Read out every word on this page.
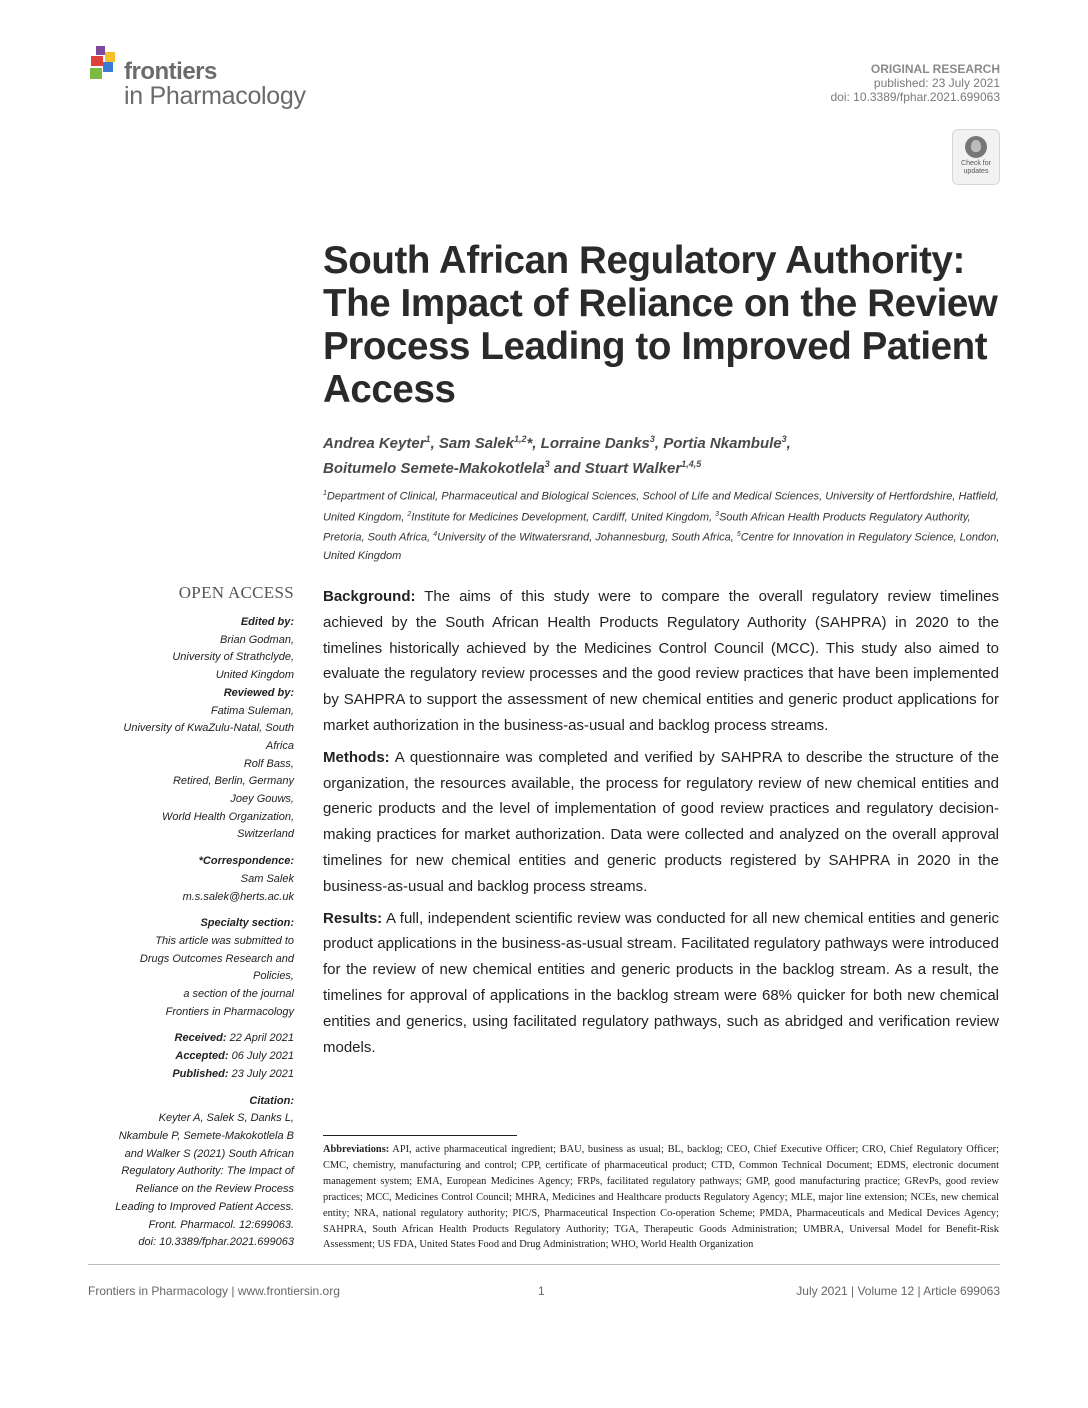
frontiers
in Pharmacology
ORIGINAL RESEARCH
published: 23 July 2021
doi: 10.3389/fphar.2021.699063
Check for updates
South African Regulatory Authority: The Impact of Reliance on the Review Process Leading to Improved Patient Access
Andrea Keyter$^1$, Sam Salek$^{1,2}$*, Lorraine Danks$^3$, Portia Nkambule$^3$,
Boitumelo Semete-Makokotlela$^3$ and Stuart Walker$^{1,4,5}$
$^1$Department of Clinical, Pharmaceutical and Biological Sciences, School of Life and Medical Sciences, University of Hertfordshire, Hatfield, United Kingdom, $^2$Institute for Medicines Development, Cardiff, United Kingdom, $^3$South African Health Products Regulatory Authority, Pretoria, South Africa, $^4$University of the Witwatersrand, Johannesburg, South Africa, $^5$Centre for Innovation in Regulatory Science, London, United Kingdom
OPEN ACCESS
Edited by:
Brian Godman,
University of Strathclyde,
United Kingdom
Reviewed by:
Fatima Suleman,
University of KwaZulu-Natal, South
Africa
Rolf Bass,
Retired, Berlin, Germany
Joey Gouws,
World Health Organization,
Switzerland
*Correspondence:
Sam Salek
m.s.salek@herts.ac.uk
Specialty section:
This article was submitted to
Drugs Outcomes Research and
Policies,
a section of the journal
Frontiers in Pharmacology
Received: 22 April 2021
Accepted: 06 July 2021
Published: 23 July 2021
Citation:
Keyter A, Salek S, Danks L,
Nkambule P, Semete-Makokotlela B
and Walker S (2021) South African
Regulatory Authority: The Impact of
Reliance on the Review Process
Leading to Improved Patient Access.
Front. Pharmacol. 12:699063.
doi: 10.3389/fphar.2021.699063

Background: The aims of this study were to compare the overall regulatory review timelines achieved by the South African Health Products Regulatory Authority (SAHPRA) in 2020 to the timelines historically achieved by the Medicines Control Council (MCC). This study also aimed to evaluate the regulatory review processes and the good review practices that have been implemented by SAHPRA to support the assessment of new chemical entities and generic product applications for market authorization in the business-as-usual and backlog process streams.

Methods: A questionnaire was completed and verified by SAHPRA to describe the structure of the organization, the resources available, the process for regulatory review of new chemical entities and generic products and the level of implementation of good review practices and regulatory decision-making practices for market authorization. Data were collected and analyzed on the overall approval timelines for new chemical entities and generic products registered by SAHPRA in 2020 in the business-as-usual and backlog process streams.

Results: A full, independent scientific review was conducted for all new chemical entities and generic product applications in the business-as-usual stream. Facilitated regulatory pathways were introduced for the review of new chemical entities and generic products in the backlog stream. As a result, the timelines for approval of applications in the backlog stream were 68% quicker for both new chemical entities and generics, using facilitated regulatory pathways, such as abridged and verification review models.

Abbreviations: API, active pharmaceutical ingredient; BAU, business as usual; BL, backlog; CEO, Chief Executive Officer; CRO, Chief Regulatory Officer; CMC, chemistry, manufacturing and control; CPP, certificate of pharmaceutical product; CTD, Common Technical Document; EDMS, electronic document management system; EMA, European Medicines Agency; FRPs, facilitated regulatory pathways; GMP, good manufacturing practice; GRevPs, good review practices; MCC, Medicines Control Council; MHRA, Medicines and Healthcare products Regulatory Agency; MLE, major line extension; NCEs, new chemical entity; NRA, national regulatory authority; PIC/S, Pharmaceutical Inspection Co-operation Scheme; PMDA, Pharmaceuticals and Medical Devices Agency; SAHPRA, South African Health Products Regulatory Authority; TGA, Therapeutic Goods Administration; UMBRA, Universal Model for Benefit-Risk Assessment; US FDA, United States Food and Drug Administration; WHO, World Health Organization
Frontiers in Pharmacology | www.frontiersin.org	1	July 2021 | Volume 12 | Article 699063
